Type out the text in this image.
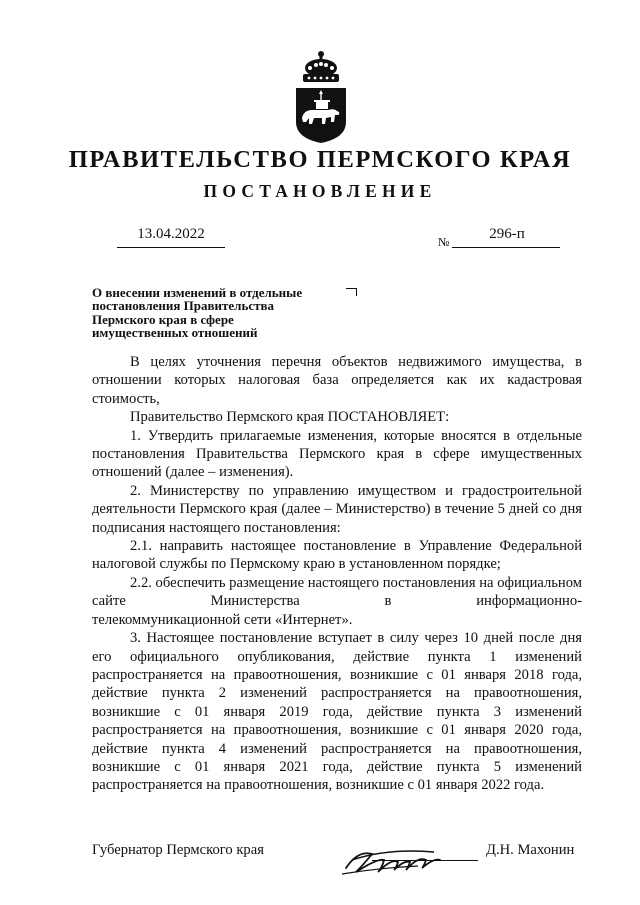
ПРАВИТЕЛЬСТВО ПЕРМСКОГО КРАЯ
ПОСТАНОВЛЕНИЕ
13.04.2022	№	296-п
О внесении изменений в отдельные
постановления Правительства
Пермского края в сфере
имущественных отношений

В целях уточнения перечня объектов недвижимого имущества, в отношении которых налоговая база определяется как их кадастровая стоимость,

Правительство Пермского края ПОСТАНОВЛЯЕТ:

1. Утвердить прилагаемые изменения, которые вносятся в отдельные постановления Правительства Пермского края в сфере имущественных отношений (далее – изменения).

2. Министерству по управлению имуществом и градостроительной деятельности Пермского края (далее – Министерство) в течение 5 дней со дня подписания настоящего постановления:

2.1. направить настоящее постановление в Управление Федеральной налоговой службы по Пермскому краю в установленном порядке;

2.2. обеспечить размещение настоящего постановления на официальном сайте Министерства в информационно-

телекоммуникационной сети «Интернет».

3. Настоящее постановление вступает в силу через 10 дней после дня его официального опубликования, действие пункта 1 изменений распространяется на правоотношения, возникшие с 01 января 2018 года, действие пункта 2 изменений распространяется на правоотношения, возникшие с 01 января 2019 года, действие пункта 3 изменений распространяется на правоотношения, возникшие с 01 января 2020 года, действие пункта 4 изменений распространяется на правоотношения, возникшие с 01 января 2021 года, действие пункта 5 изменений распространяется на правоотношения, возникшие с 01 января 2022 года.

Губернатор Пермского края	Д.Н. Махонин
